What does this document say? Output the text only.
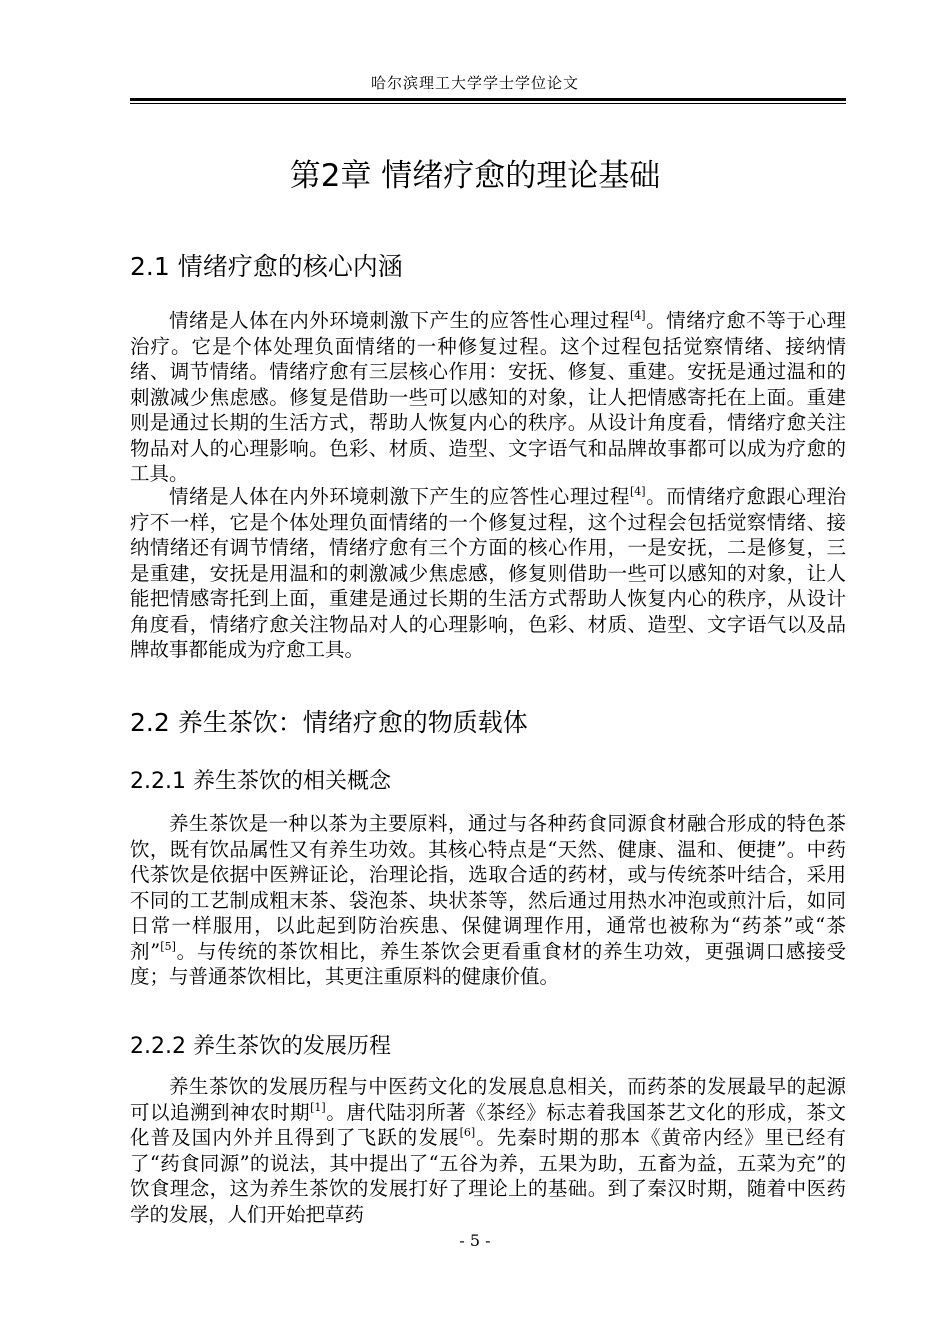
哈尔滨理工大学学士学位论文
第2章 情绪疗愈的理论基础
2.1 情绪疗愈的核心内涵

情绪是人体在内外环境刺激下产生的应答性心理过程[4]。情绪疗愈不等于心理治疗。它是个体处理负面情绪的一种修复过程。这个过程包括觉察情绪、接纳情绪、调节情绪。情绪疗愈有三层核心作用：安抚、修复、重建。安抚是通过温和的刺激减少焦虑感。修复是借助一些可以感知的对象，让人把情感寄托在上面。重建则是通过长期的生活方式，帮助人恢复内心的秩序。从设计角度看，情绪疗愈关注物品对人的心理影响。色彩、材质、造型、文字语气和品牌故事都可以成为疗愈的工具。

情绪是人体在内外环境刺激下产生的应答性心理过程[4]。而情绪疗愈跟心理治疗不一样，它是个体处理负面情绪的一个修复过程，这个过程会包括觉察情绪、接纳情绪还有调节情绪，情绪疗愈有三个方面的核心作用，一是安抚，二是修复，三是重建，安抚是用温和的刺激减少焦虑感，修复则借助一些可以感知的对象，让人能把情感寄托到上面，重建是通过长期的生活方式帮助人恢复内心的秩序，从设计角度看，情绪疗愈关注物品对人的心理影响，色彩、材质、造型、文字语气以及品牌故事都能成为疗愈工具。

2.2 养生茶饮：情绪疗愈的物质载体
2.2.1 养生茶饮的相关概念

养生茶饮是一种以茶为主要原料，通过与各种药食同源食材融合形成的特色茶饮，既有饮品属性又有养生功效。其核心特点是“天然、健康、温和、便捷”。中药代茶饮是依据中医辨证论，治理论指，选取合适的药材，或与传统茶叶结合，采用不同的工艺制成粗末茶、袋泡茶、块状茶等，然后通过用热水冲泡或煎汁后，如同日常一样服用，以此起到防治疾患、保健调理作用，通常也被称为“药茶”或“茶剂”[5]。与传统的茶饮相比，养生茶饮会更看重食材的养生功效，更强调口感接受度；与普通茶饮相比，其更注重原料的健康价值。

2.2.2 养生茶饮的发展历程

养生茶饮的发展历程与中医药文化的发展息息相关，而药茶的发展最早的起源可以追溯到神农时期[1]。唐代陆羽所著《茶经》标志着我国茶艺文化的形成，茶文化普及国内外并且得到了飞跃的发展[6]。先秦时期的那本《黄帝内经》里已经有了“药食同源”的说法，其中提出了“五谷为养，五果为助，五畜为益，五菜为充”的饮食理念，这为养生茶饮的发展打好了理论上的基础。到了秦汉时期，随着中医药学的发展，人们开始把草药

- 5 -
